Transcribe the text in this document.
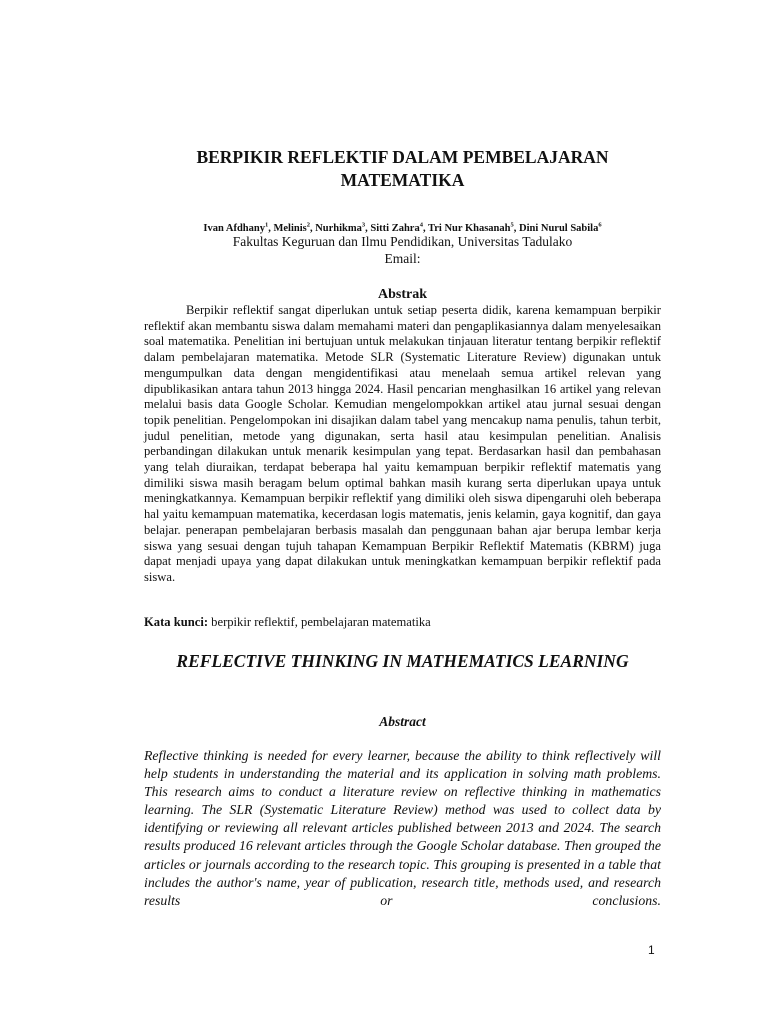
BERPIKIR REFLEKTIF DALAM PEMBELAJARAN MATEMATIKA

Ivan Afdhany$^1$, Melinis$^2$, Nurhikma$^3$, Sitti Zahra$^4$, Tri Nur Khasanah$^5$, Dini Nurul Sabila$^6$

Fakultas Keguruan dan Ilmu Pendidikan, Universitas Tadulako

Email:

Abstrak

Berpikir reflektif sangat diperlukan untuk setiap peserta didik, karena kemampuan berpikir reflektif akan membantu siswa dalam memahami materi dan pengaplikasiannya dalam menyelesaikan soal matematika. Penelitian ini bertujuan untuk melakukan tinjauan literatur tentang berpikir reflektif dalam pembelajaran matematika. Metode SLR (Systematic Literature Review) digunakan untuk mengumpulkan data dengan mengidentifikasi atau menelaah semua artikel relevan yang dipublikasikan antara tahun 2013 hingga 2024. Hasil pencarian menghasilkan 16 artikel yang relevan melalui basis data Google Scholar. Kemudian mengelompokkan artikel atau jurnal sesuai dengan topik penelitian. Pengelompokan ini disajikan dalam tabel yang mencakup nama penulis, tahun terbit, judul penelitian, metode yang digunakan, serta hasil atau kesimpulan penelitian. Analisis perbandingan dilakukan untuk menarik kesimpulan yang tepat. Berdasarkan hasil dan pembahasan yang telah diuraikan, terdapat beberapa hal yaitu kemampuan berpikir reflektif matematis yang dimiliki siswa masih beragam belum optimal bahkan masih kurang serta diperlukan upaya untuk meningkatkannya. Kemampuan berpikir reflektif yang dimiliki oleh siswa dipengaruhi oleh beberapa hal yaitu kemampuan matematika, kecerdasan logis matematis, jenis kelamin, gaya kognitif, dan gaya belajar. penerapan pembelajaran berbasis masalah dan penggunaan bahan ajar berupa lembar kerja siswa yang sesuai dengan tujuh tahapan Kemampuan Berpikir Reflektif Matematis (KBRM) juga dapat menjadi upaya yang dapat dilakukan untuk meningkatkan kemampuan berpikir reflektif pada siswa.

Kata kunci: berpikir reflektif, pembelajaran matematika

REFLECTIVE THINKING IN MATHEMATICS LEARNING
Abstract

Reflective thinking is needed for every learner, because the ability to think reflectively will help students in understanding the material and its application in solving math problems. This research aims to conduct a literature review on reflective thinking in mathematics learning. The SLR (Systematic Literature Review) method was used to collect data by identifying or reviewing all relevant articles published between 2013 and 2024. The search results produced 16 relevant articles through the Google Scholar database. Then grouped the articles or journals according to the research topic. This grouping is presented in a table that includes the author's name, year of publication, research title, methods used, and research results or conclusions.

1
